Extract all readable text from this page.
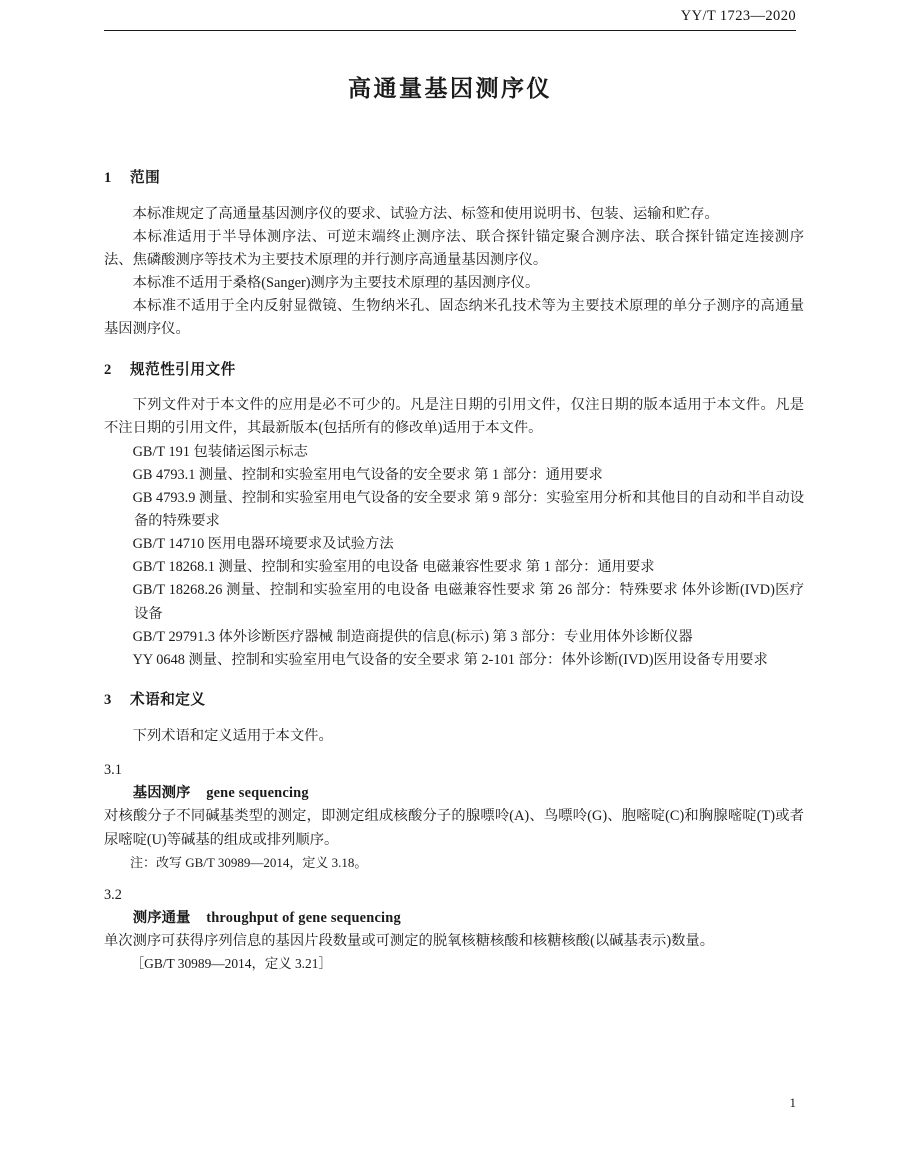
YY/T 1723—2020
高通量基因测序仪
1 范围

本标准规定了高通量基因测序仪的要求、试验方法、标签和使用说明书、包装、运输和贮存。

本标准适用于半导体测序法、可逆末端终止测序法、联合探针锚定聚合测序法、联合探针锚定连接测序法、焦磷酸测序等技术为主要技术原理的并行测序高通量基因测序仪。

本标准不适用于桑格(Sanger)测序为主要技术原理的基因测序仪。

本标准不适用于全内反射显微镜、生物纳米孔、固态纳米孔技术等为主要技术原理的单分子测序的高通量基因测序仪。

2 规范性引用文件

下列文件对于本文件的应用是必不可少的。凡是注日期的引用文件，仅注日期的版本适用于本文件。凡是不注日期的引用文件，其最新版本(包括所有的修改单)适用于本文件。

GB/T 191 包装储运图示标志

GB 4793.1 测量、控制和实验室用电气设备的安全要求 第 1 部分：通用要求

GB 4793.9 测量、控制和实验室用电气设备的安全要求 第 9 部分：实验室用分析和其他目的自动和半自动设备的特殊要求

GB/T 14710 医用电器环境要求及试验方法

GB/T 18268.1 测量、控制和实验室用的电设备 电磁兼容性要求 第 1 部分：通用要求

GB/T 18268.26 测量、控制和实验室用的电设备 电磁兼容性要求 第 26 部分：特殊要求 体外诊断(IVD)医疗设备

GB/T 29791.3 体外诊断医疗器械 制造商提供的信息(标示) 第 3 部分：专业用体外诊断仪器

YY 0648 测量、控制和实验室用电气设备的安全要求 第 2-101 部分：体外诊断(IVD)医用设备专用要求

3 术语和定义

下列术语和定义适用于本文件。

3.1

基因测序 gene sequencing

对核酸分子不同碱基类型的测定，即测定组成核酸分子的腺嘌呤(A)、鸟嘌呤(G)、胞嘧啶(C)和胸腺嘧啶(T)或者尿嘧啶(U)等碱基的组成或排列顺序。

注：改写 GB/T 30989—2014，定义 3.18。

3.2

测序通量 throughput of gene sequencing

单次测序可获得序列信息的基因片段数量或可测定的脱氧核糖核酸和核糖核酸(以碱基表示)数量。

［GB/T 30989—2014，定义 3.21］

1
